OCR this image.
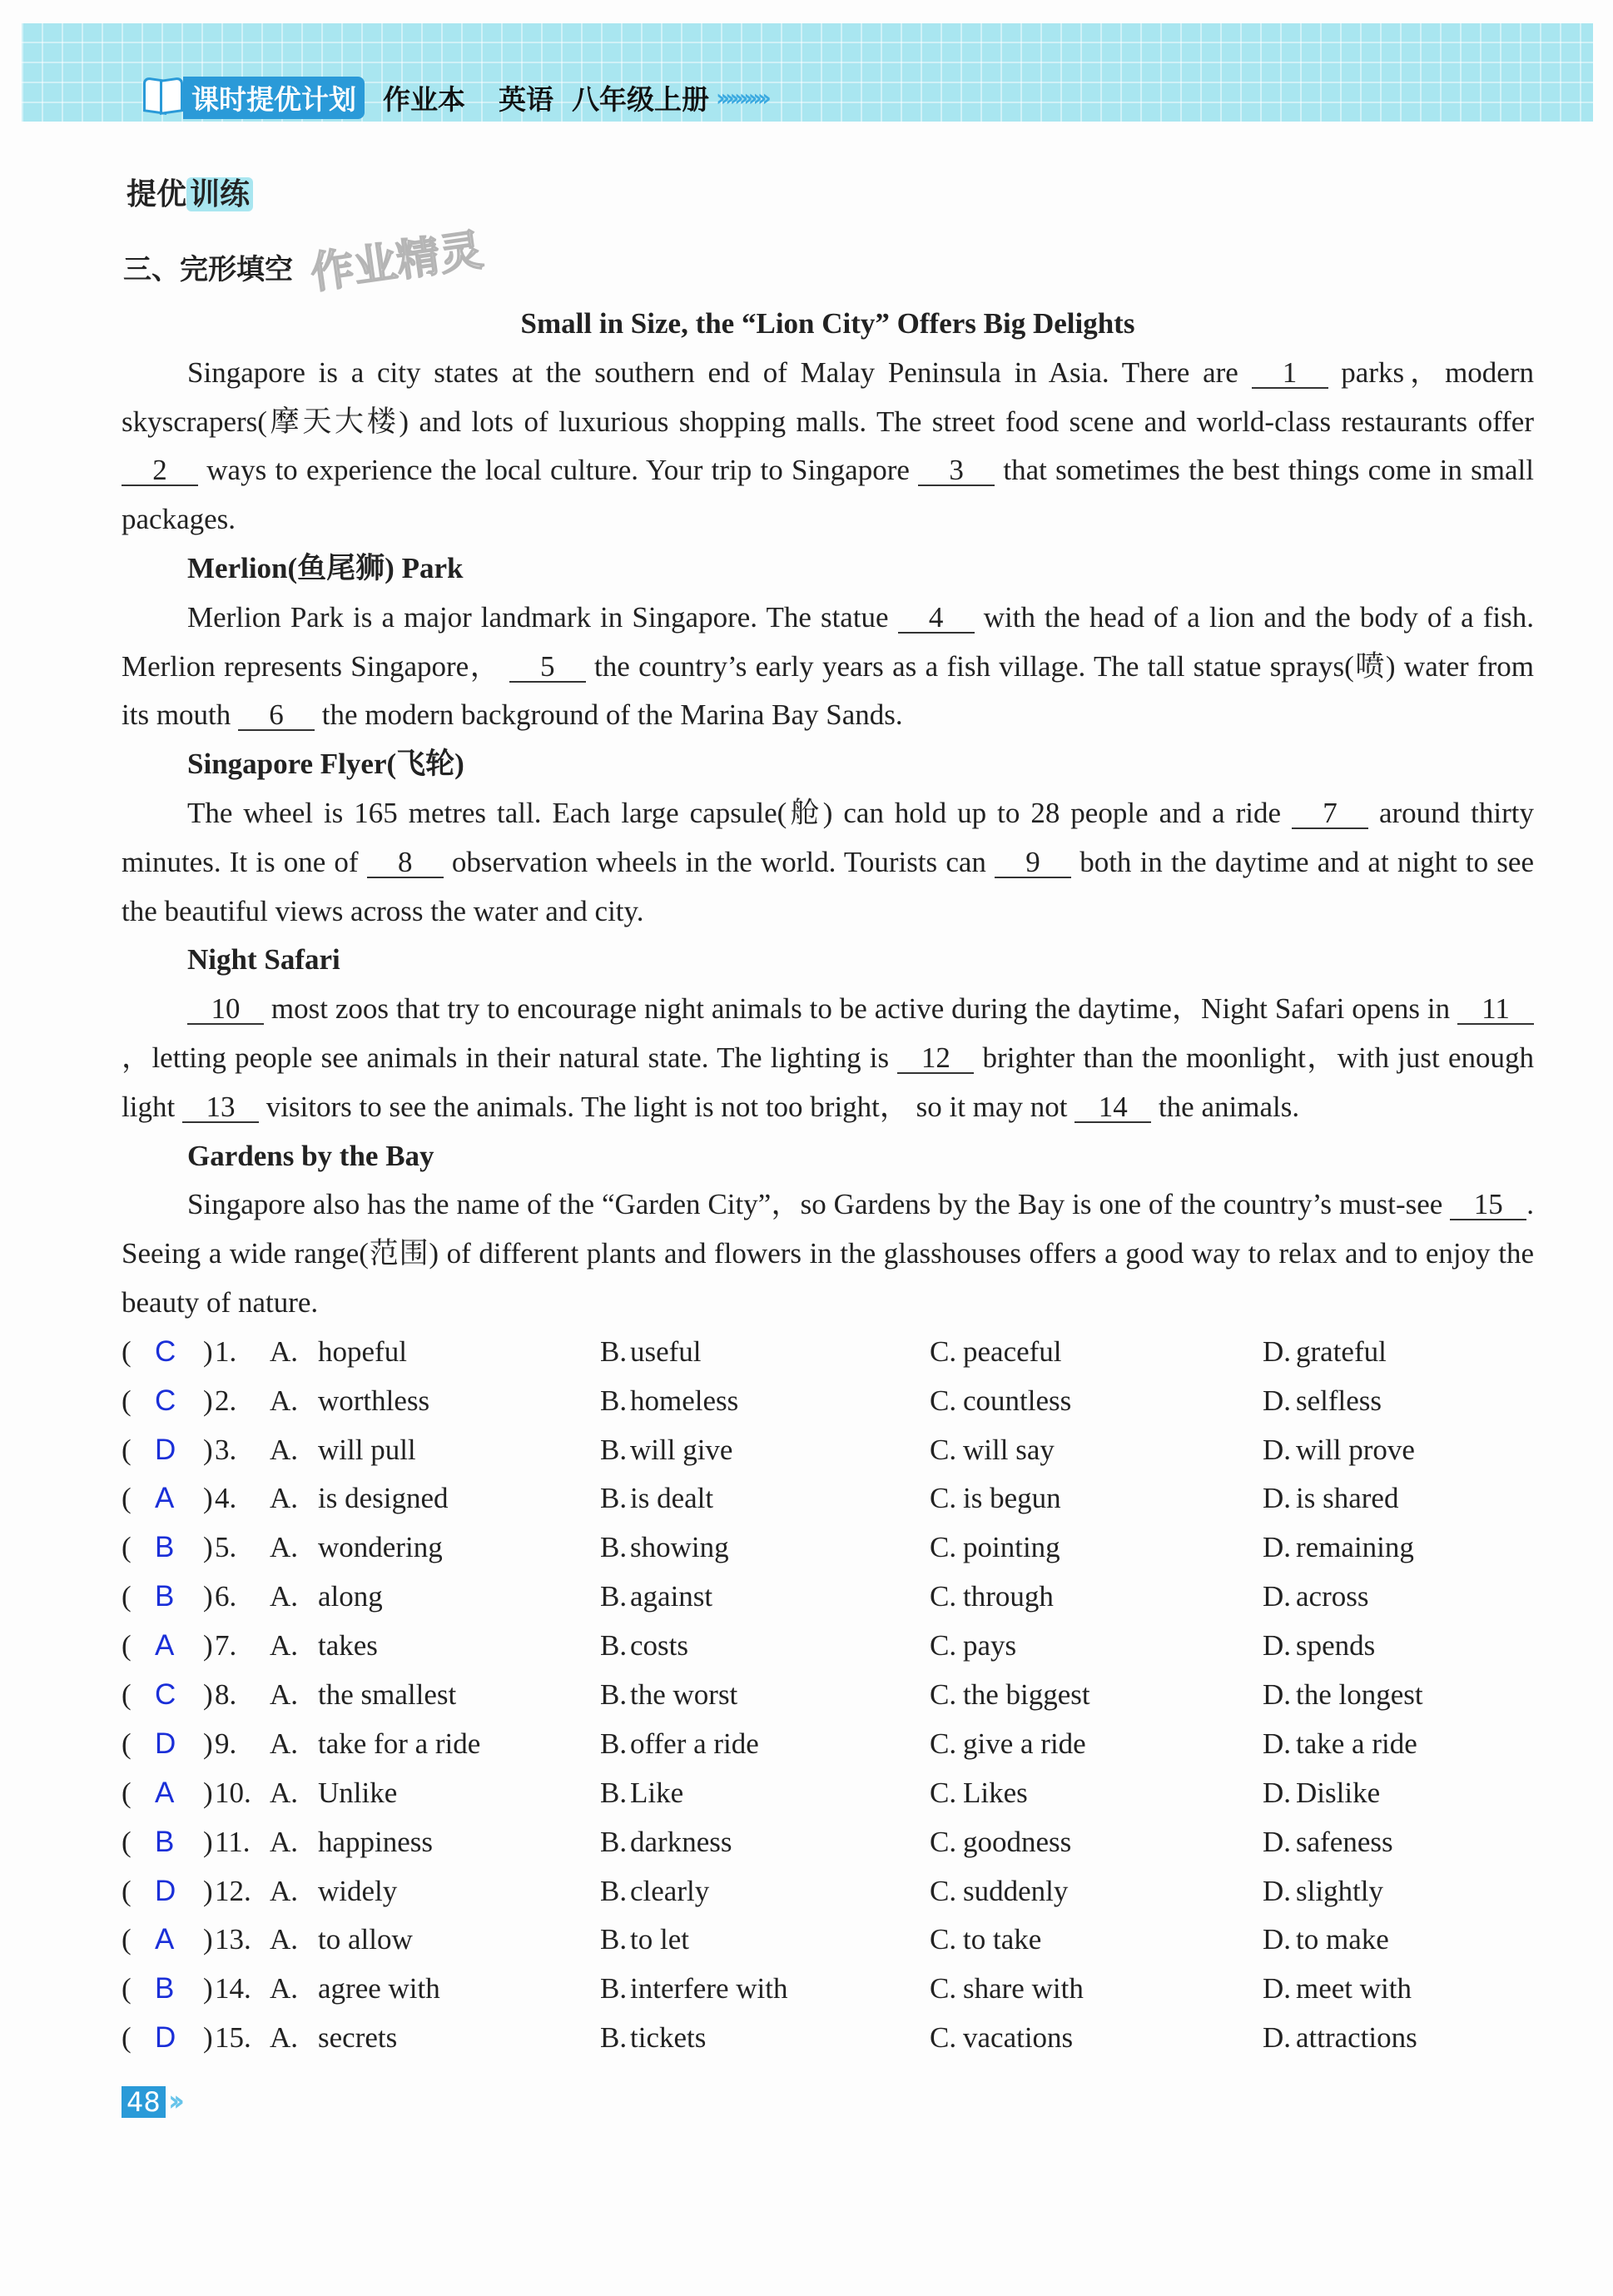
课时提优计划 作业本 英语 八年级上册 ›››››››››››
提优 训练
三、完形填空 作业精灵
Small in Size, the “Lion City” Offers Big Delights
Singapore is a city states at the southern end of Malay Peninsula in Asia. There are 1 parks，modern skyscrapers(摩天大楼) and lots of luxurious shopping malls. The street food scene and world-class restaurants offer 2 ways to experience the local culture. Your trip to Singapore 3 that sometimes the best things come in small packages.
Merlion(鱼尾狮) Park
Merlion Park is a major landmark in Singapore. The statue 4 with the head of a lion and the body of a fish. Merlion represents Singapore， 5 the country’s early years as a fish village. The tall statue sprays(喷) water from its mouth 6 the modern background of the Marina Bay Sands.
Singapore Flyer(飞轮)
The wheel is 165 metres tall. Each large capsule(舱) can hold up to 28 people and a ride 7 around thirty minutes. It is one of 8 observation wheels in the world. Tourists can 9 both in the daytime and at night to see the beautiful views across the water and city.
Night Safari
10 most zoos that try to encourage night animals to be active during the daytime，Night Safari opens in 11，letting people see animals in their natural state. The lighting is 12 brighter than the moonlight，with just enough light 13 visitors to see the animals. The light is not too bright， so it may not 14 the animals.
Gardens by the Bay
Singapore also has the name of the “Garden City”，so Gardens by the Bay is one of the country’s must-see 15 . Seeing a wide range(范围) of different plants and flowers in the glasshouses offers a good way to relax and to enjoy the beauty of nature.
( C ) 1. A. hopeful	B. useful	C. peaceful	D. grateful
( C ) 2. A. worthless	B. homeless	C. countless	D. selfless
( D ) 3. A. will pull	B. will give	C. will say	D. will prove
( A ) 4. A. is designed	B. is dealt	C. is begun	D. is shared
( B ) 5. A. wondering	B. showing	C. pointing	D. remaining
( B ) 6. A. along	B. against	C. through	D. across
( A ) 7. A. takes	B. costs	C. pays	D. spends
( C ) 8. A. the smallest	B. the worst	C. the biggest	D. the longest
( D ) 9. A. take for a ride	B. offer a ride	C. give a ride	D. take a ride
( A ) 10. A. Unlike	B. Like	C. Likes	D. Dislike
( B ) 11. A. happiness	B. darkness	C. goodness	D. safeness
( D ) 12. A. widely	B. clearly	C. suddenly	D. slightly
( A ) 13. A. to allow	B. to let	C. to take	D. to make
( B ) 14. A. agree with	B. interfere with	C. share with	D. meet with
( D ) 15. A. secrets	B. tickets	C. vacations	D. attractions
48 ››
